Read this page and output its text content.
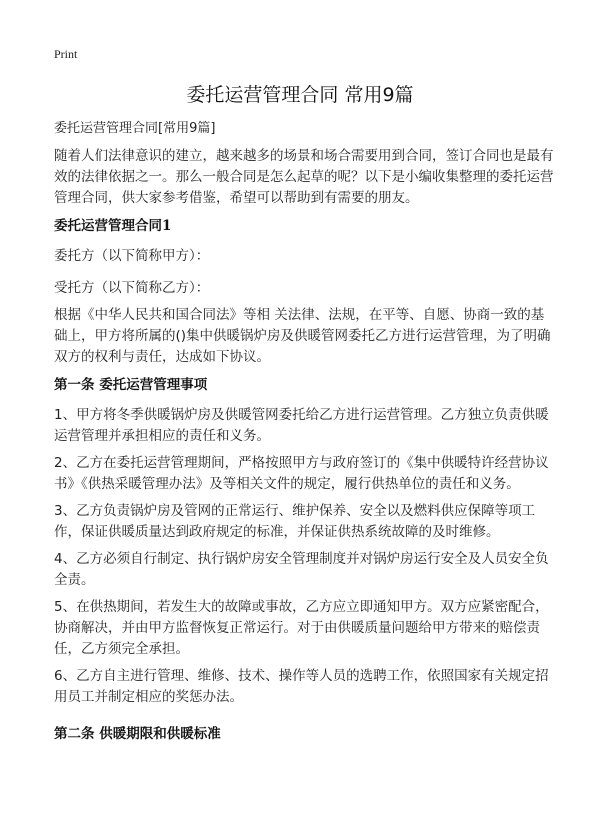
Print
委托运营管理合同 常用9篇
委托运营管理合同[常用9篇]

随着人们法律意识的建立，越来越多的场景和场合需要用到合同，签订合同也是最有效的法律依据之一。那么一般合同是怎么起草的呢？以下是小编收集整理的委托运营管理合同，供大家参考借鉴，希望可以帮助到有需要的朋友。

委托运营管理合同1

委托方（以下简称甲方）：

受托方（以下简称乙方）：

根据《中华人民共和国合同法》等相 关法律、法规，在平等、自愿、协商一致的基础上，甲方将所属的()集中供暖锅炉房及供暖管网委托乙方进行运营管理，为了明确双方的权利与责任，达成如下协议。

第一条 委托运营管理事项

1、甲方将冬季供暖锅炉房及供暖管网委托给乙方进行运营管理。乙方独立负责供暖运营管理并承担相应的责任和义务。

2、乙方在委托运营管理期间，严格按照甲方与政府签订的《集中供暖特许经营协议书》《供热采暖管理办法》及等相关文件的规定，履行供热单位的责任和义务。

3、乙方负责锅炉房及管网的正常运行、维护保养、安全以及燃料供应保障等项工作，保证供暖质量达到政府规定的标准，并保证供热系统故障的及时维修。

4、乙方必须自行制定、执行锅炉房安全管理制度并对锅炉房运行安全及人员安全负全责。

5、在供热期间，若发生大的故障或事故，乙方应立即通知甲方。双方应紧密配合，协商解决，并由甲方监督恢复正常运行。对于由供暖质量问题给甲方带来的赔偿责任，乙方须完全承担。

6、乙方自主进行管理、维修、技术、操作等人员的选聘工作，依照国家有关规定招用员工并制定相应的奖惩办法。

第二条 供暖期限和供暖标准
